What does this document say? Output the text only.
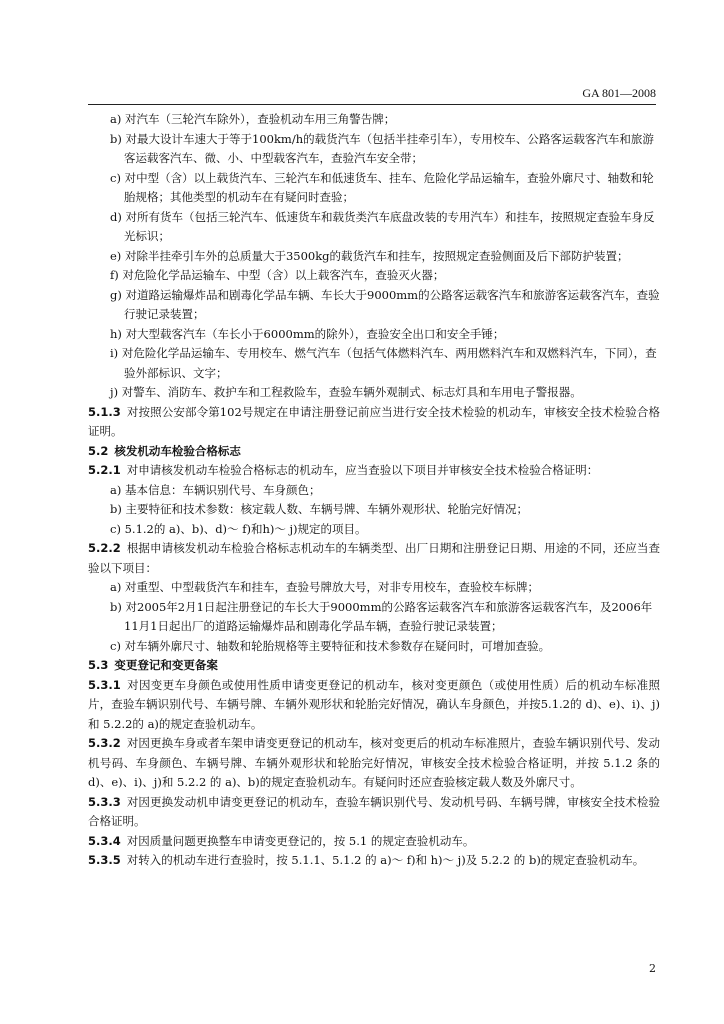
GA 801—2008

a) 对汽车（三轮汽车除外），查验机动车用三角警告牌；

b) 对最大设计车速大于等于100km/h的载货汽车（包括半挂牵引车），专用校车、公路客运载客汽车和旅游客运载客汽车、微、小、中型载客汽车，查验汽车安全带；

c) 对中型（含）以上载货汽车、三轮汽车和低速货车、挂车、危险化学品运输车，查验外廓尺寸、轴数和轮胎规格；其他类型的机动车在有疑问时查验；

d) 对所有货车（包括三轮汽车、低速货车和载货类汽车底盘改装的专用汽车）和挂车，按照规定查验车身反光标识；

e) 对除半挂牵引车外的总质量大于3500kg的载货汽车和挂车，按照规定查验侧面及后下部防护装置；

f) 对危险化学品运输车、中型（含）以上载客汽车，查验灭火器；

g) 对道路运输爆炸品和剧毒化学品车辆、车长大于9000mm的公路客运载客汽车和旅游客运载客汽车，查验行驶记录装置；

h) 对大型载客汽车（车长小于6000mm的除外），查验安全出口和安全手锤；

i) 对危险化学品运输车、专用校车、燃气汽车（包括气体燃料汽车、两用燃料汽车和双燃料汽车，下同），查验外部标识、文字；

j) 对警车、消防车、救护车和工程救险车，查验车辆外观制式、标志灯具和车用电子警报器。

5.1.3 对按照公安部令第102号规定在申请注册登记前应当进行安全技术检验的机动车，审核安全技术检验合格证明。

5.2 核发机动车检验合格标志

5.2.1 对申请核发机动车检验合格标志的机动车，应当查验以下项目并审核安全技术检验合格证明：

a) 基本信息：车辆识别代号、车身颜色；

b) 主要特征和技术参数：核定载人数、车辆号牌、车辆外观形状、轮胎完好情况；

c) 5.1.2的 a)、b)、d)～ f)和h)～ j)规定的项目。

5.2.2 根据申请核发机动车检验合格标志机动车的车辆类型、出厂日期和注册登记日期、用途的不同，还应当查验以下项目：

a) 对重型、中型载货汽车和挂车，查验号牌放大号，对非专用校车，查验校车标牌；

b) 对2005年2月1日起注册登记的车长大于9000mm的公路客运载客汽车和旅游客运载客汽车，及2006年11月1日起出厂的道路运输爆炸品和剧毒化学品车辆，查验行驶记录装置；

c) 对车辆外廓尺寸、轴数和轮胎规格等主要特征和技术参数存在疑问时，可增加查验。

5.3 变更登记和变更备案

5.3.1 对因变更车身颜色或使用性质申请变更登记的机动车，核对变更颜色（或使用性质）后的机动车标准照片，查验车辆识别代号、车辆号牌、车辆外观形状和轮胎完好情况，确认车身颜色，并按5.1.2的 d)、e)、i)、j)和 5.2.2的 a)的规定查验机动车。

5.3.2 对因更换车身或者车架申请变更登记的机动车，核对变更后的机动车标准照片，查验车辆识别代号、发动机号码、车身颜色、车辆号牌、车辆外观形状和轮胎完好情况，审核安全技术检验合格证明，并按 5.1.2 条的 d)、e)、i)、j)和 5.2.2 的 a)、b)的规定查验机动车。有疑问时还应查验核定载人数及外廓尺寸。

5.3.3 对因更换发动机申请变更登记的机动车，查验车辆识别代号、发动机号码、车辆号牌，审核安全技术检验合格证明。

5.3.4 对因质量问题更换整车申请变更登记的，按 5.1 的规定查验机动车。

5.3.5 对转入的机动车进行查验时，按 5.1.1、5.1.2 的 a)～ f)和 h)～ j)及 5.2.2 的 b)的规定查验机动车。

2
